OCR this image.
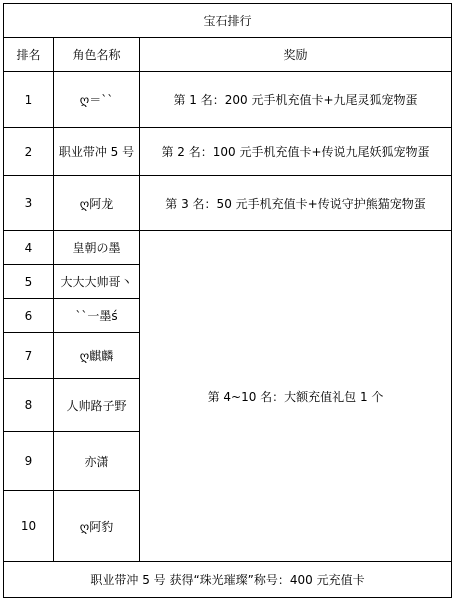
宝石排行		
排名	角色名称	奖励
1	ღ＝``	第 1 名：200 元手机充值卡+九尾灵狐宠物蛋
2	职业带冲 5 号	第 2 名：100 元手机充值卡+传说九尾妖狐宠物蛋
3	ღ阿龙	第 3 名：50 元手机充值卡+传说守护熊猫宠物蛋
4	皇朝の墨	第 4~10 名：大额充值礼包 1 个
5	大大大帅哥丶	
6	``一墨ś	
7	ღ麒麟	
8	人帅路子野	
9	亦潇	
10	ღ阿豹	
职业带冲 5 号 获得“珠光璀璨”称号：400 元充值卡		
